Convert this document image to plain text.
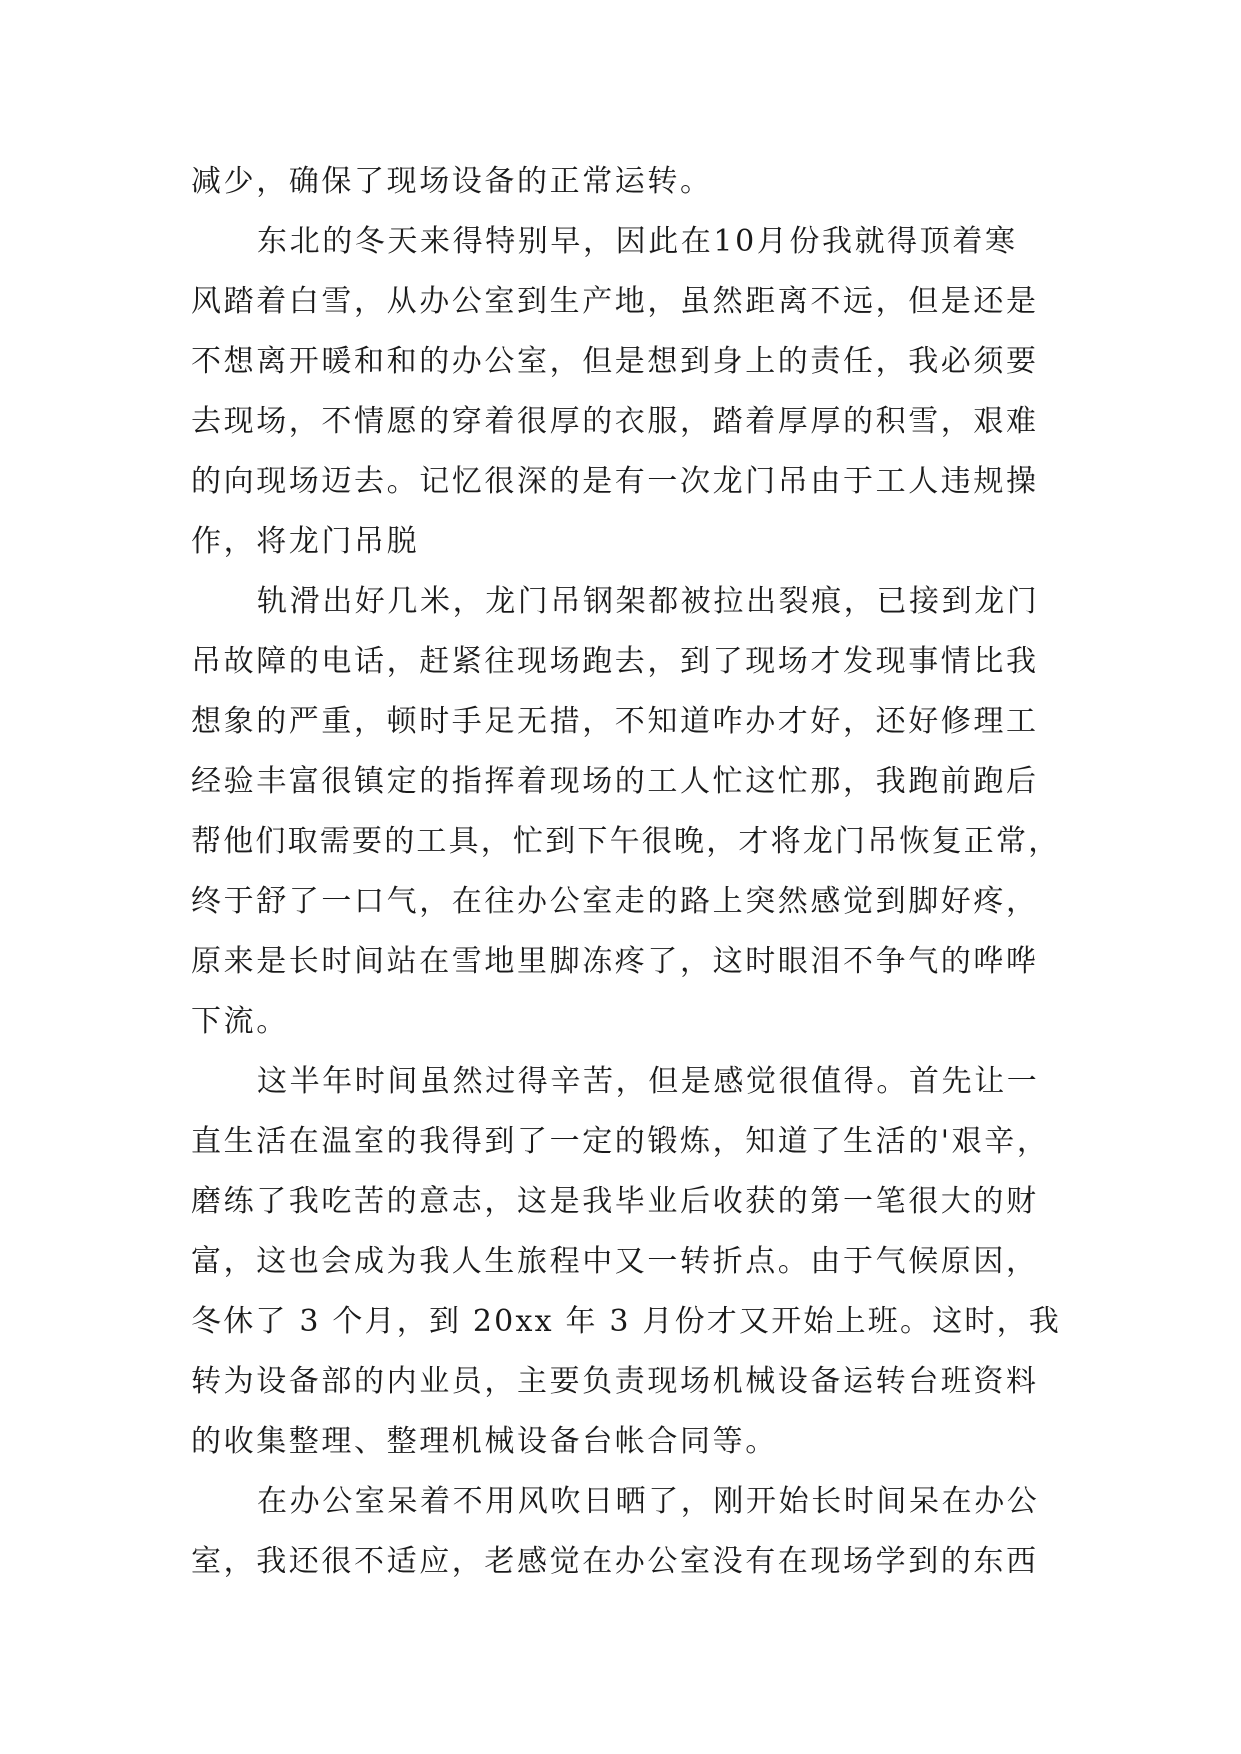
减少，确保了现场设备的正常运转。
东北的冬天来得特别早，因此在10月份我就得顶着寒
风踏着白雪，从办公室到生产地，虽然距离不远，但是还是
不想离开暖和和的办公室，但是想到身上的责任，我必须要
去现场，不情愿的穿着很厚的衣服，踏着厚厚的积雪，艰难
的向现场迈去。记忆很深的是有一次龙门吊由于工人违规操
作，将龙门吊脱
轨滑出好几米，龙门吊钢架都被拉出裂痕，已接到龙门
吊故障的电话，赶紧往现场跑去，到了现场才发现事情比我
想象的严重，顿时手足无措，不知道咋办才好，还好修理工
经验丰富很镇定的指挥着现场的工人忙这忙那，我跑前跑后
帮他们取需要的工具，忙到下午很晚，才将龙门吊恢复正常，
终于舒了一口气，在往办公室走的路上突然感觉到脚好疼，
原来是长时间站在雪地里脚冻疼了，这时眼泪不争气的哗哗
下流。
这半年时间虽然过得辛苦，但是感觉很值得。首先让一
直生活在温室的我得到了一定的锻炼，知道了生活的'艰辛，
磨练了我吃苦的意志，这是我毕业后收获的第一笔很大的财
富，这也会成为我人生旅程中又一转折点。由于气候原因，
冬休了 3 个月，到 20xx 年 3 月份才又开始上班。这时，我
转为设备部的内业员，主要负责现场机械设备运转台班资料
的收集整理、整理机械设备台帐合同等。
在办公室呆着不用风吹日晒了，刚开始长时间呆在办公
室，我还很不适应，老感觉在办公室没有在现场学到的东西
